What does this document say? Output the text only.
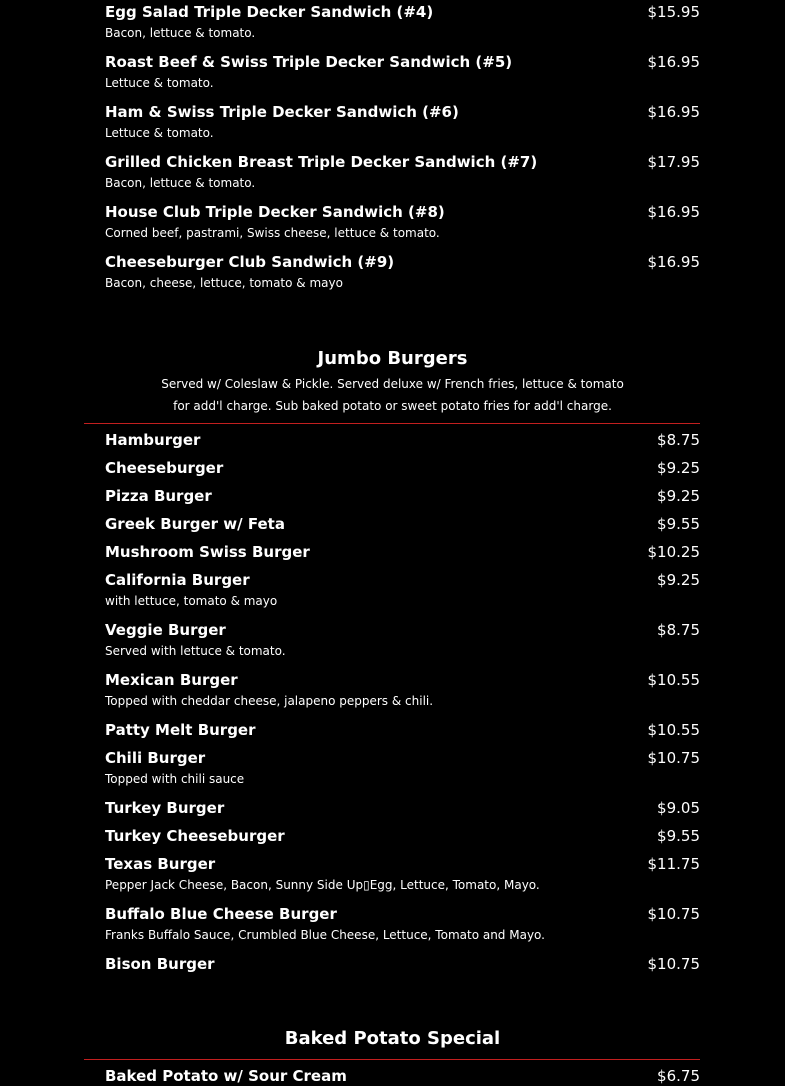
Egg Salad Triple Decker Sandwich (#4)	$15.95
Bacon, lettuce & tomato.
Roast Beef & Swiss Triple Decker Sandwich (#5)	$16.95
Lettuce & tomato.
Ham & Swiss Triple Decker Sandwich (#6)	$16.95
Lettuce & tomato.
Grilled Chicken Breast Triple Decker Sandwich (#7)	$17.95
Bacon, lettuce & tomato.
House Club Triple Decker Sandwich (#8)	$16.95
Corned beef, pastrami, Swiss cheese, lettuce & tomato.
Cheeseburger Club Sandwich (#9)	$16.95
Bacon, cheese, lettuce, tomato & mayo
Jumbo Burgers
Served w/ Coleslaw & Pickle. Served deluxe w/ French fries, lettuce & tomato
for add'l charge. Sub baked potato or sweet potato fries for add'l charge.
Hamburger	$8.75
Cheeseburger	$9.25
Pizza Burger	$9.25
Greek Burger w/ Feta	$9.55
Mushroom Swiss Burger	$10.25
California Burger	$9.25
with lettuce, tomato & mayo
Veggie Burger	$8.75
Served with lettuce & tomato.
Mexican Burger	$10.55
Topped with cheddar cheese, jalapeno peppers & chili.
Patty Melt Burger	$10.55
Chili Burger	$10.75
Topped with chili sauce
Turkey Burger	$9.05
Turkey Cheeseburger	$9.55
Texas Burger	$11.75
Pepper Jack Cheese, Bacon, Sunny Side Up▯Egg, Lettuce, Tomato, Mayo.
Buffalo Blue Cheese Burger	$10.75
Franks Buffalo Sauce, Crumbled Blue Cheese, Lettuce, Tomato and Mayo.
Bison Burger	$10.75
Baked Potato Special
Baked Potato w/ Sour Cream	$6.75
